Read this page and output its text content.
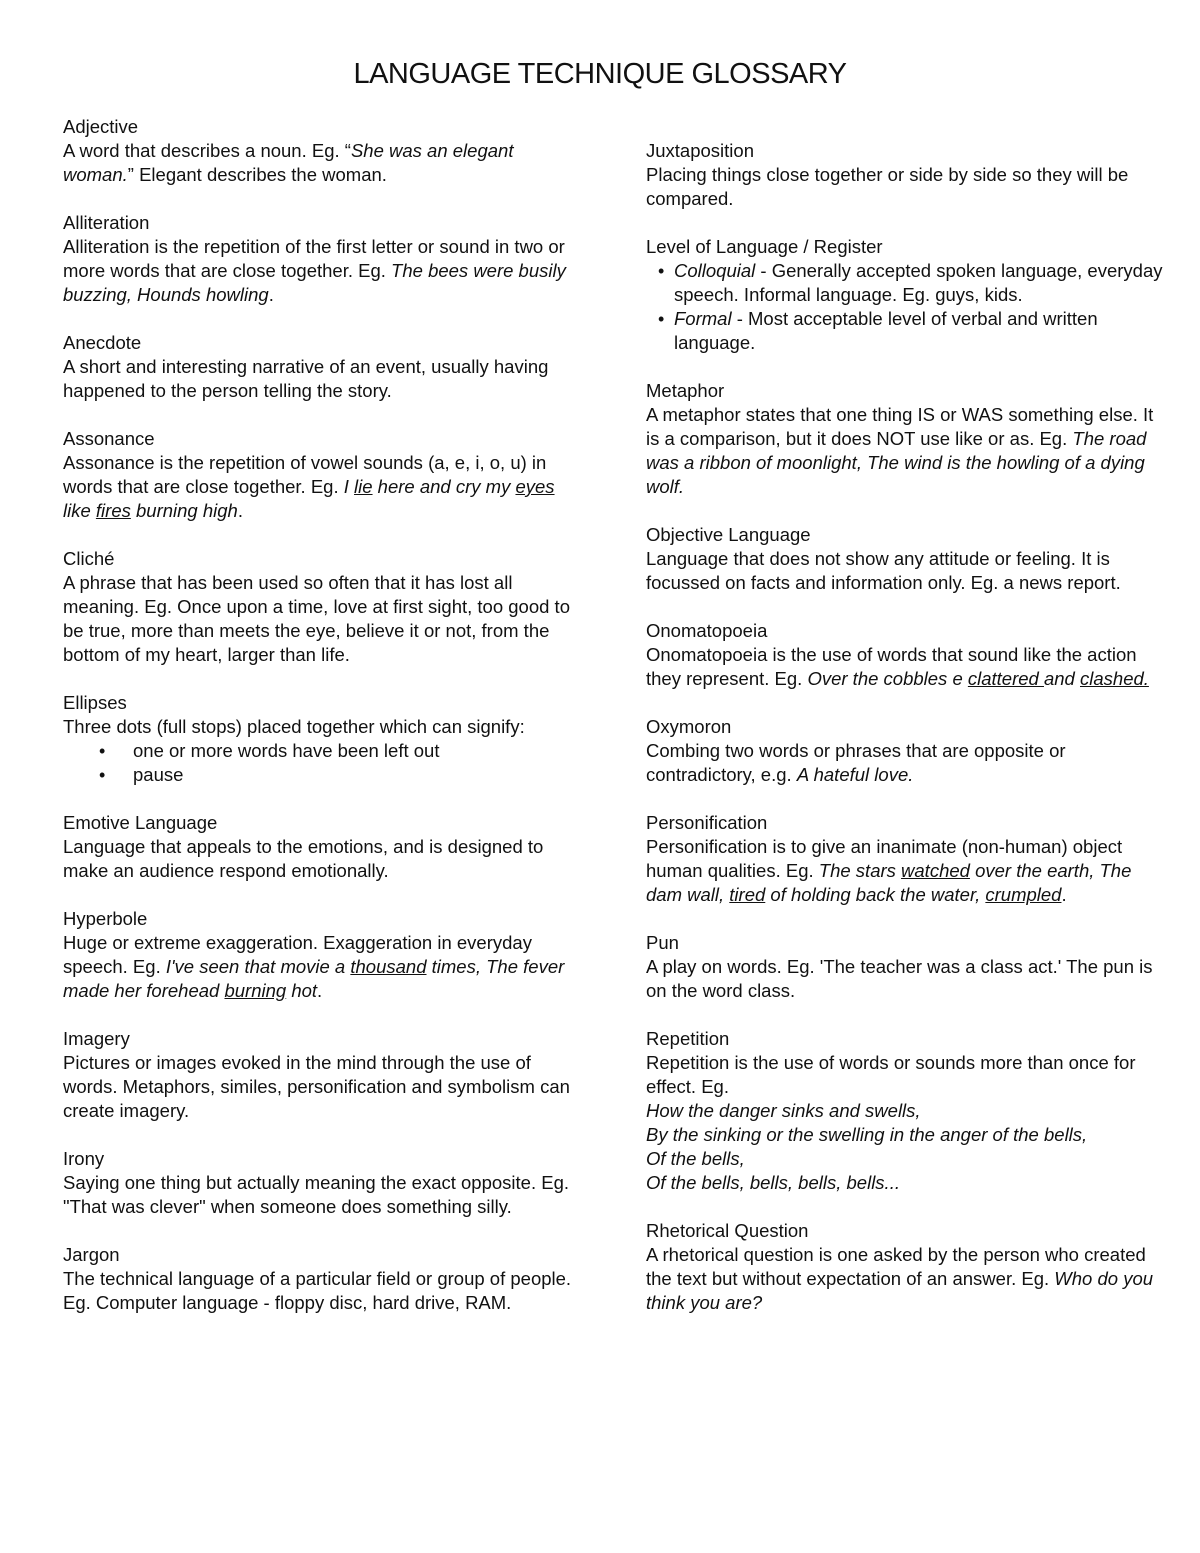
LANGUAGE TECHNIQUE GLOSSARY
Adjective
A word that describes a noun. Eg. “She was an elegant woman.” Elegant describes the woman.
Alliteration
Alliteration is the repetition of the first letter or sound in two or more words that are close together. Eg. The bees were busily buzzing, Hounds howling.
Anecdote
A short and interesting narrative of an event, usually having happened to the person telling the story.
Assonance
Assonance is the repetition of vowel sounds (a, e, i, o, u) in words that are close together. Eg. I lie here and cry my eyes like fires burning high.
Cliché
A phrase that has been used so often that it has lost all meaning. Eg. Once upon a time, love at first sight, too good to be true, more than meets the eye, believe it or not, from the bottom of my heart, larger than life.
Ellipses
Three dots (full stops) placed together which can signify:
• one or more words have been left out
• pause
Emotive Language
Language that appeals to the emotions, and is designed to make an audience respond emotionally.
Hyperbole
Huge or extreme exaggeration. Exaggeration in everyday speech. Eg. I've seen that movie a thousand times, The fever made her forehead burning hot.
Imagery
Pictures or images evoked in the mind through the use of words. Metaphors, similes, personification and symbolism can create imagery.
Irony
Saying one thing but actually meaning the exact opposite. Eg. "That was clever" when someone does something silly.
Jargon
The technical language of a particular field or group of people. Eg. Computer language - floppy disc, hard drive, RAM.
Juxtaposition
Placing things close together or side by side so they will be compared.
Level of Language / Register
• Colloquial - Generally accepted spoken language, everyday speech. Informal language. Eg. guys, kids.
• Formal - Most acceptable level of verbal and written language.
Metaphor
A metaphor states that one thing IS or WAS something else. It is a comparison, but it does NOT use like or as. Eg. The road was a ribbon of moonlight, The wind is the howling of a dying wolf.
Objective Language
Language that does not show any attitude or feeling. It is focussed on facts and information only. Eg. a news report.
Onomatopoeia
Onomatopoeia is the use of words that sound like the action they represent. Eg. Over the cobbles e clattered and clashed.
Oxymoron
Combing two words or phrases that are opposite or contradictory, e.g. A hateful love.
Personification
Personification is to give an inanimate (non-human) object human qualities. Eg. The stars watched over the earth, The dam wall, tired of holding back the water, crumpled.
Pun
A play on words. Eg. 'The teacher was a class act.' The pun is on the word class.
Repetition
Repetition is the use of words or sounds more than once for effect. Eg.
How the danger sinks and swells,
By the sinking or the swelling in the anger of the bells,
Of the bells,
Of the bells, bells, bells, bells...
Rhetorical Question
A rhetorical question is one asked by the person who created the text but without expectation of an answer. Eg. Who do you think you are?
